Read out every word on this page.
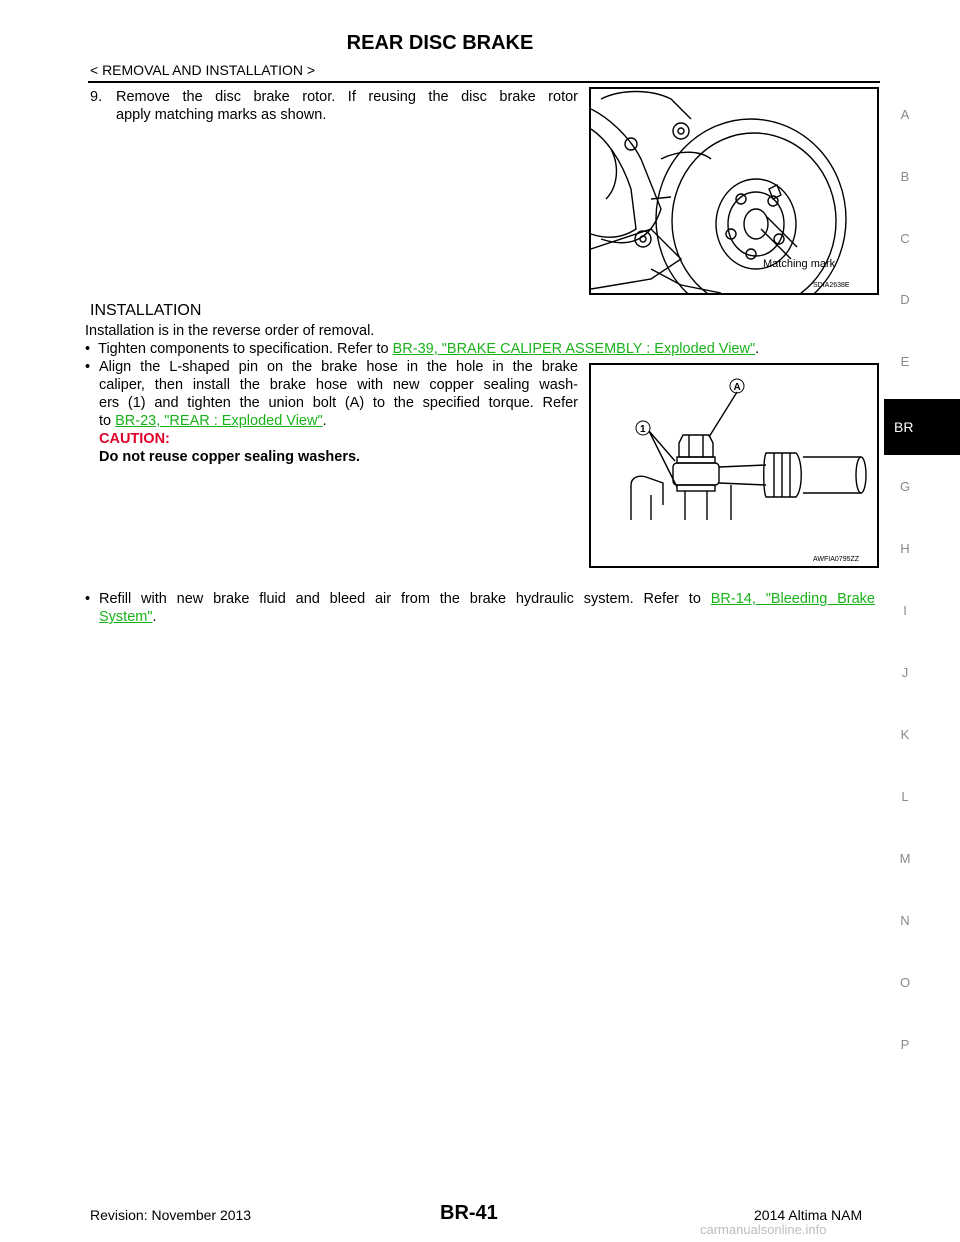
REAR DISC BRAKE
< REMOVAL AND INSTALLATION >
A
B
C
D
E
BR
G
H
I
J
K
L
M
N
O
P
9. Remove the disc brake rotor. If reusing the disc brake rotor
apply matching marks as shown.
Matching mark
SDIA2638E
INSTALLATION
Installation is in the reverse order of removal.
•  Tighten components to specification. Refer to BR-39, "BRAKE CALIPER ASSEMBLY : Exploded View".
• Align the L-shaped pin on the brake hose in the hole in the brake
caliper, then install the brake hose with new copper sealing wash-
ers (1) and tighten the union bolt (A) to the specified torque. Refer
to BR-23, "REAR : Exploded View".
CAUTION:
Do not reuse copper sealing washers.
A
1
AWFIA0795ZZ
• Refill with new brake fluid and bleed air from the brake hydraulic system. Refer to BR-14, "Bleeding Brake
System".
Revision: November 2013	BR-41	2014 Altima NAM
carmanualsonline.info
